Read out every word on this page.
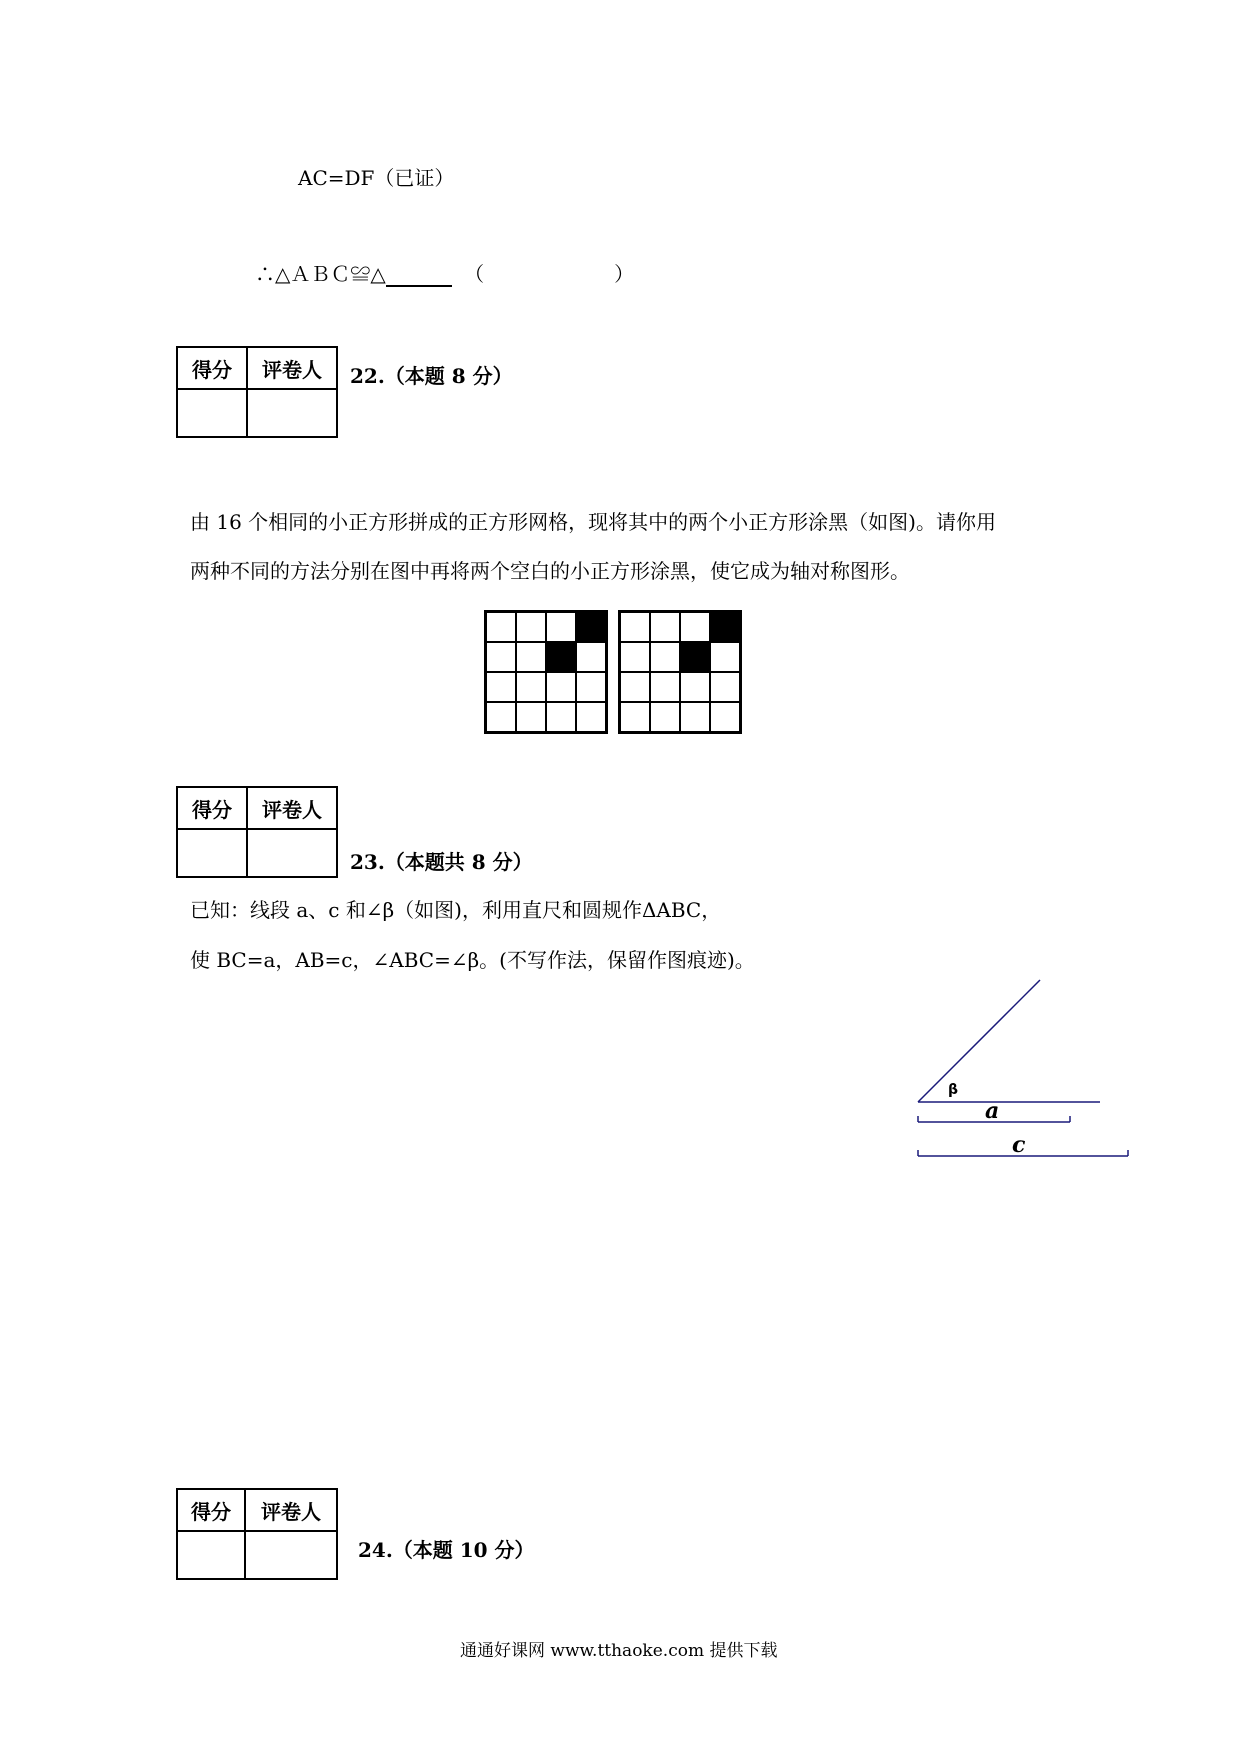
AC=DF（已证）
∴△ＡＢＣ≌△	（	）
得分	评卷人
	22.（本题 8 分）
由 16 个相同的小正方形拼成的正方形网格，现将其中的两个小正方形涂黑（如图)。请你用
两种不同的方法分别在图中再将两个空白的小正方形涂黑，使它成为轴对称图形。
得分	评卷人

23.（本题共 8 分）
已知：线段 a、c 和∠β（如图)，利用直尺和圆规作ΔABC，
使 BC=a，AB=c，∠ABC=∠β。(不写作法，保留作图痕迹)。
β
a
c
得分	评卷人

24.（本题 10 分）
通通好课网 www.tthaoke.com 提供下载
